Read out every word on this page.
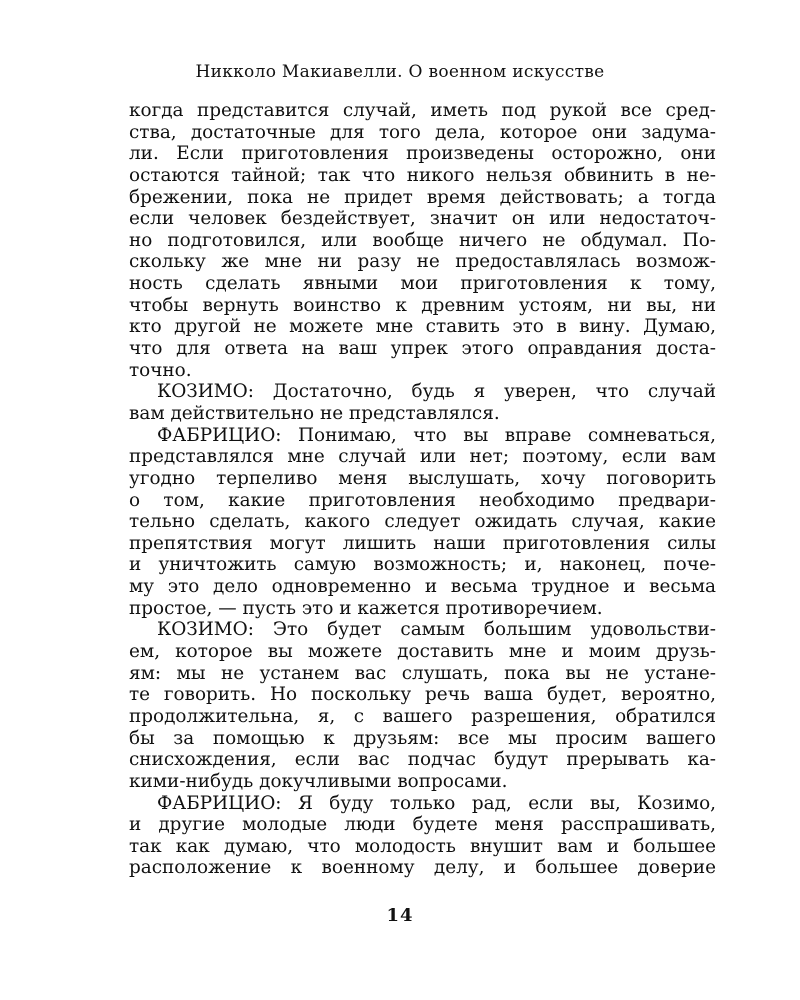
Никколо Макиавелли. О военном искусстве
когда представится случай, иметь под рукой все сред-
ства, достаточные для того дела, которое они задума-
ли. Если приготовления произведены осторожно, они
остаются тайной; так что никого нельзя обвинить в не-
брежении, пока не придет время действовать; а тогда
если человек бездействует, значит он или недостаточ-
но подготовился, или вообще ничего не обдумал. По-
скольку же мне ни разу не предоставлялась возмож-
ность сделать явными мои приготовления к тому,
чтобы вернуть воинство к древним устоям, ни вы, ни
кто другой не можете мне ставить это в вину. Думаю,
что для ответа на ваш упрек этого оправдания доста-
точно.
КОЗИМО: Достаточно, будь я уверен, что случай
вам действительно не представлялся.
ФАБРИЦИО: Понимаю, что вы вправе сомневаться,
представлялся мне случай или нет; поэтому, если вам
угодно терпеливо меня выслушать, хочу поговорить
о том, какие приготовления необходимо предвари-
тельно сделать, какого следует ожидать случая, какие
препятствия могут лишить наши приготовления силы
и уничтожить самую возможность; и, наконец, поче-
му это дело одновременно и весьма трудное и весьма
простое, — пусть это и кажется противоречием.
КОЗИМО: Это будет самым большим удовольстви-
ем, которое вы можете доставить мне и моим друзь-
ям: мы не устанем вас слушать, пока вы не устане-
те говорить. Но поскольку речь ваша будет, вероятно,
продолжительна, я, с вашего разрешения, обратился
бы за помощью к друзьям: все мы просим вашего
снисхождения, если вас подчас будут прерывать ка-
кими-нибудь докучливыми вопросами.
ФАБРИЦИО: Я буду только рад, если вы, Козимо,
и другие молодые люди будете меня расспрашивать,
так как думаю, что молодость внушит вам и большее
расположение к военному делу, и большее доверие
14
